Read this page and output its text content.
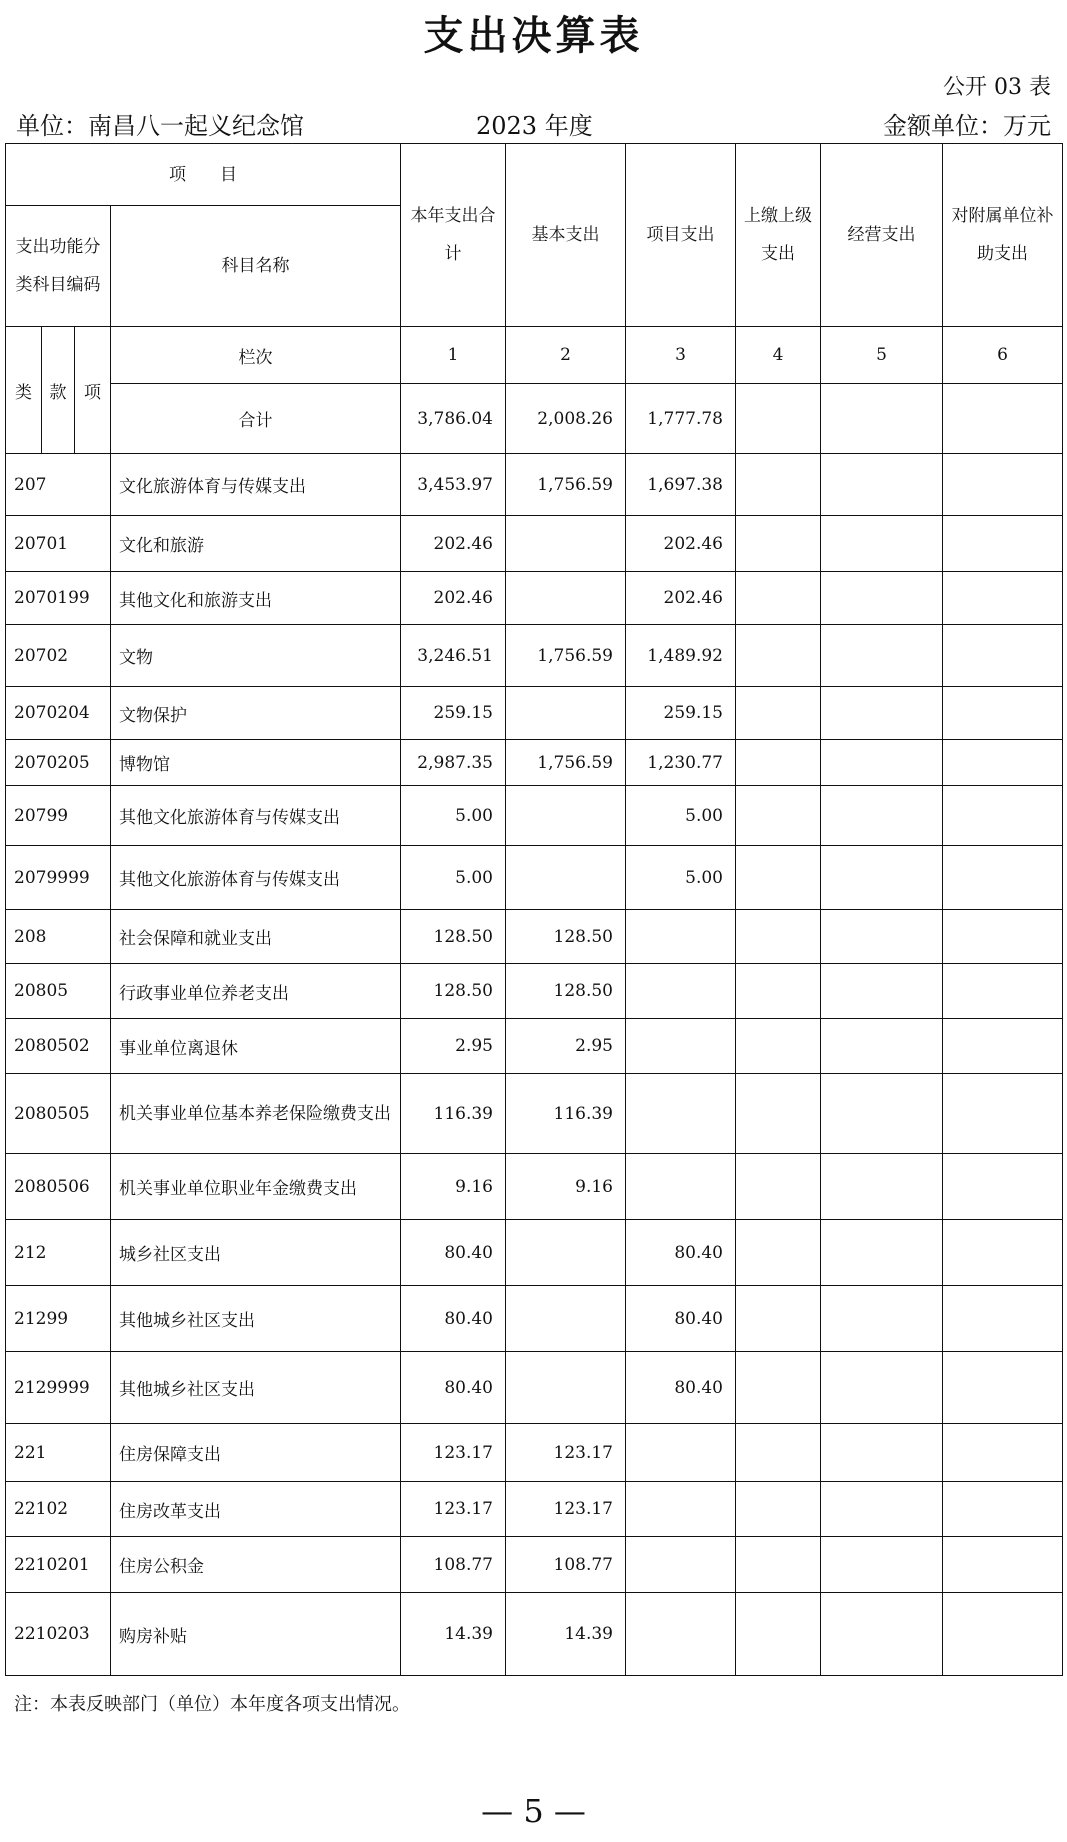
支出决算表
公开 03 表
单位：南昌八一起义纪念馆	2023 年度	金额单位：万元
项　　目				本年支出合计	基本支出	项目支出	上缴上级支出	经营支出	对附属单位补助支出
支出功能分类科目编码			科目名称						
类	款	项	栏次	1	2	3	4	5	6
			合计	3,786.04	2,008.26	1,777.78			
207			文化旅游体育与传媒支出	3,453.97	1,756.59	1,697.38			
20701			文化和旅游	202.46		202.46			
2070199			其他文化和旅游支出	202.46		202.46			
20702			文物	3,246.51	1,756.59	1,489.92			
2070204			文物保护	259.15		259.15			
2070205			博物馆	2,987.35	1,756.59	1,230.77			
20799			其他文化旅游体育与传媒支出	5.00		5.00			
2079999			其他文化旅游体育与传媒支出	5.00		5.00			
208			社会保障和就业支出	128.50	128.50				
20805			行政事业单位养老支出	128.50	128.50				
2080502			事业单位离退休	2.95	2.95				
2080505			机关事业单位基本养老保险缴费支出	116.39	116.39				
2080506			机关事业单位职业年金缴费支出	9.16	9.16				
212			城乡社区支出	80.40		80.40			
21299			其他城乡社区支出	80.40		80.40			
2129999			其他城乡社区支出	80.40		80.40			
221			住房保障支出	123.17	123.17				
22102			住房改革支出	123.17	123.17				
2210201			住房公积金	108.77	108.77				
2210203			购房补贴	14.39	14.39				
注：本表反映部门（单位）本年度各项支出情况。
— 5 —
